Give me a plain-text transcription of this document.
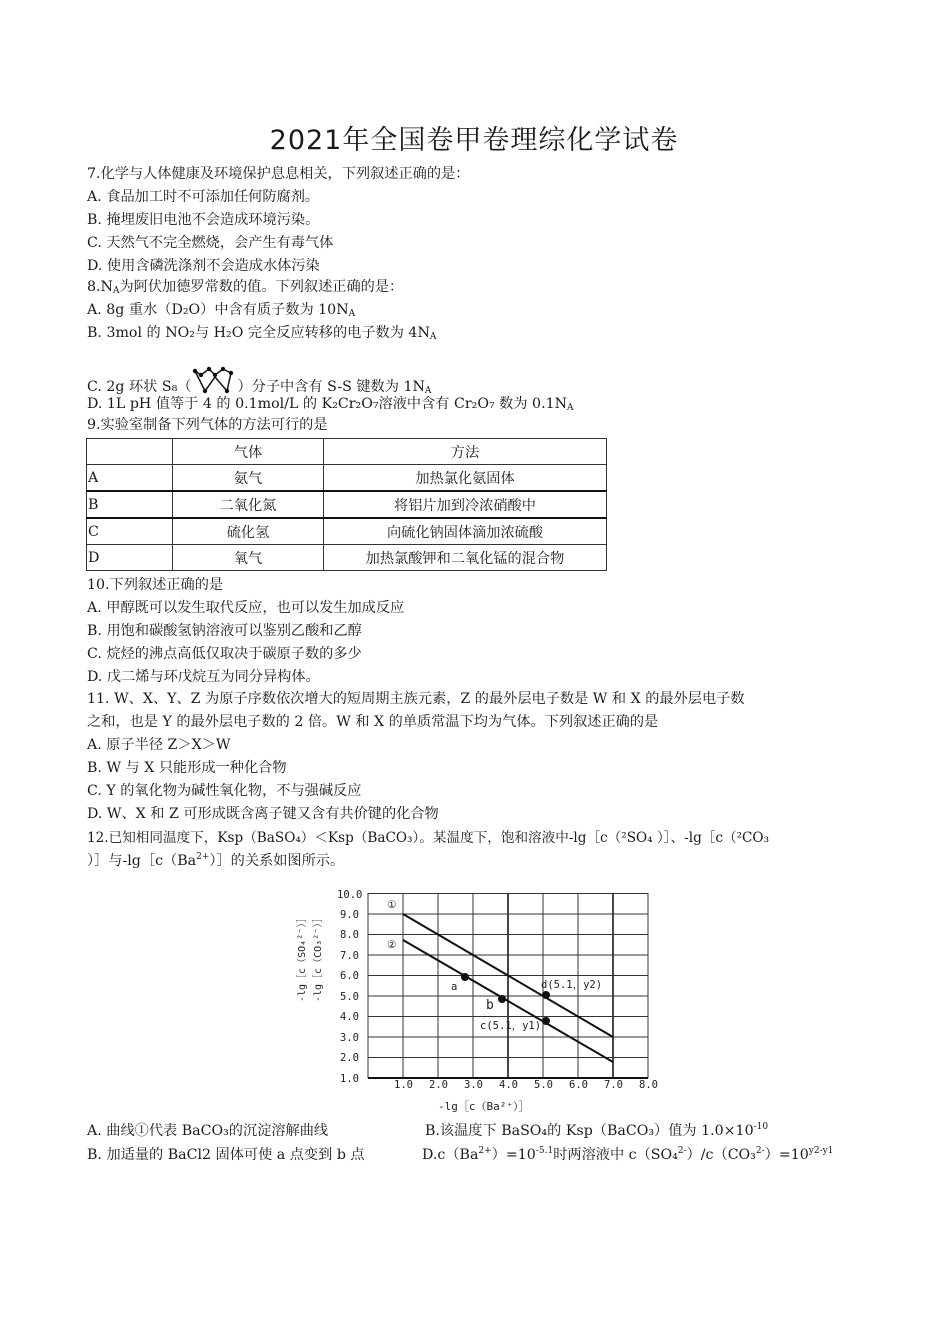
2021年全国卷甲卷理综化学试卷
7.化学与人体健康及环境保护息息相关，下列叙述正确的是：
A. 食品加工时不可添加任何防腐剂。
B. 掩埋废旧电池不会造成环境污染。
C. 天然气不完全燃烧，会产生有毒气体
D. 使用含磷洗涤剂不会造成水体污染
$8.N_A$为阿伏加德罗常数的值。下列叙述正确的是：
A. 8g 重水（D₂O）中含有质子数为 $10N_A$
B. 3mol 的 NO₂与 H₂O 完全反应转移的电子数为 $4N_A$
C. 2g 环状 S₈（	）分子中含有 S-S 键数为 $1N_A$
D. 1L pH 值等于 4 的 0.1mol/L 的 K₂Cr₂O₇溶液中含有 Cr₂O₇ 数为 $0.1N_A$
9.实验室制备下列气体的方法可行的是
	气体	方法
A	氨气	加热氯化氨固体
B	二氧化氮	将铝片加到冷浓硝酸中
C	硫化氢	向硫化钠固体滴加浓硫酸
D	氧气	加热氯酸钾和二氧化锰的混合物
10.下列叙述正确的是
A. 甲醇既可以发生取代反应，也可以发生加成反应
B. 用饱和碳酸氢钠溶液可以鉴别乙酸和乙醇
C. 烷烃的沸点高低仅取决于碳原子数的多少
D. 戊二烯与环戊烷互为同分异构体。
11. W、X、Y、Z 为原子序数依次增大的短周期主族元素，Z 的最外层电子数是 W 和 X 的最外层电子数
之和，也是 Y 的最外层电子数的 2 倍。W 和 X 的单质常温下均为气体。下列叙述正确的是
A. 原子半径 Z＞X＞W
B. W 与 X 只能形成一种化合物
C. Y 的氧化物为碱性氧化物，不与强碱反应
D. W、X 和 Z 可形成既含离子键又含有共价键的化合物
12.已知相同温度下，Ksp（BaSO₄）＜Ksp（BaCO₃）。某温度下，饱和溶液中-lg［c（²SO₄ ）］、-lg［c（²CO₃
）］与$-\lg[c(Ba^{2+})]$的关系如图所示。
①
②
a
b
c(5.1，y1)
d(5.1，y2)
10.0
9.0
8.0
7.0
6.0
5.0
4.0
3.0
2.0
1.0	1.0 2.0 3.0 4.0 5.0 6.0 7.0 8.0
-lg［c（Ba²⁺）］
-lg［c（SO₄²⁻）］ -lg［c（CO₃²⁻）］
A. 曲线①代表 BaCO₃的沉淀溶解曲线	B.该温度下 BaSO₄的 Ksp（BaCO₃）值为 $1.0\times 10^{-10}$
B. 加适量的 BaCl2 固体可使 a 点变到 b 点	$D.c(Ba^{2+})=10^{-5.1}$时两溶液中 $c(SO_4^{2-})/c(CO_3^{2-})=10^{y2-y1}$
